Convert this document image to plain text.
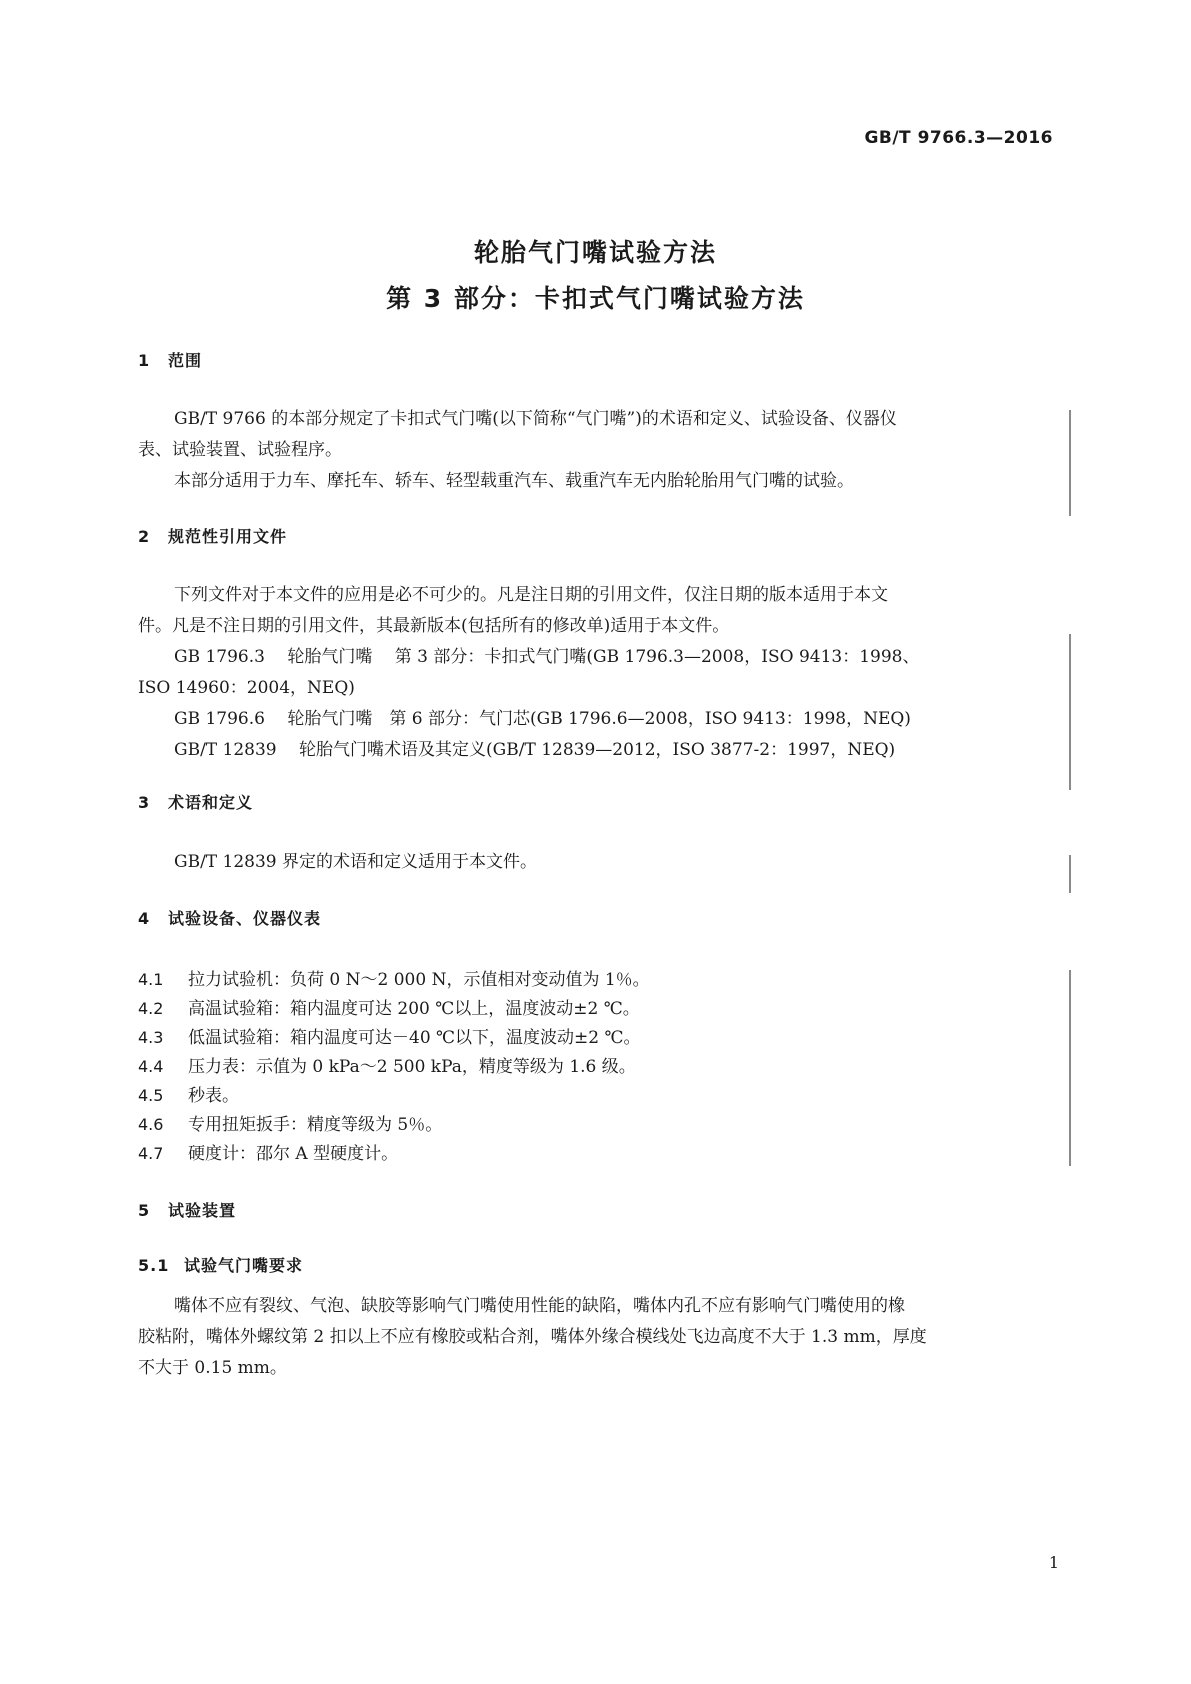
GB/T 9766.3—2016
轮胎气门嘴试验方法
第 3 部分：卡扣式气门嘴试验方法
1 范围
GB/T 9766 的本部分规定了卡扣式气门嘴(以下简称“气门嘴”)的术语和定义、试验设备、仪器仪
表、试验装置、试验程序。
本部分适用于力车、摩托车、轿车、轻型载重汽车、载重汽车无内胎轮胎用气门嘴的试验。
2 规范性引用文件
下列文件对于本文件的应用是必不可少的。凡是注日期的引用文件，仅注日期的版本适用于本文
件。凡是不注日期的引用文件，其最新版本(包括所有的修改单)适用于本文件。
GB 1796.3　 轮胎气门嘴　 第 3 部分：卡扣式气门嘴(GB 1796.3—2008，ISO 9413：1998、
ISO 14960：2004，NEQ)
GB 1796.6　 轮胎气门嘴　第 6 部分：气门芯(GB 1796.6—2008，ISO 9413：1998，NEQ)
GB/T 12839　 轮胎气门嘴术语及其定义(GB/T 12839—2012，ISO 3877-2：1997，NEQ)
3 术语和定义
GB/T 12839 界定的术语和定义适用于本文件。
4 试验设备、仪器仪表
4.1 拉力试验机：负荷 0 N～2 000 N，示值相对变动值为 1％。
4.2 高温试验箱：箱内温度可达 200 ℃以上，温度波动±2 ℃。
4.3 低温试验箱：箱内温度可达－40 ℃以下，温度波动±2 ℃。
4.4 压力表：示值为 0 kPa～2 500 kPa，精度等级为 1.6 级。
4.5 秒表。
4.6 专用扭矩扳手：精度等级为 5％。
4.7 硬度计：邵尔 A 型硬度计。
5 试验装置
5.1 试验气门嘴要求
嘴体不应有裂纹、气泡、缺胶等影响气门嘴使用性能的缺陷，嘴体内孔不应有影响气门嘴使用的橡
胶粘附，嘴体外螺纹第 2 扣以上不应有橡胶或粘合剂，嘴体外缘合模线处飞边高度不大于 1.3 mm，厚度
不大于 0.15 mm。
1
